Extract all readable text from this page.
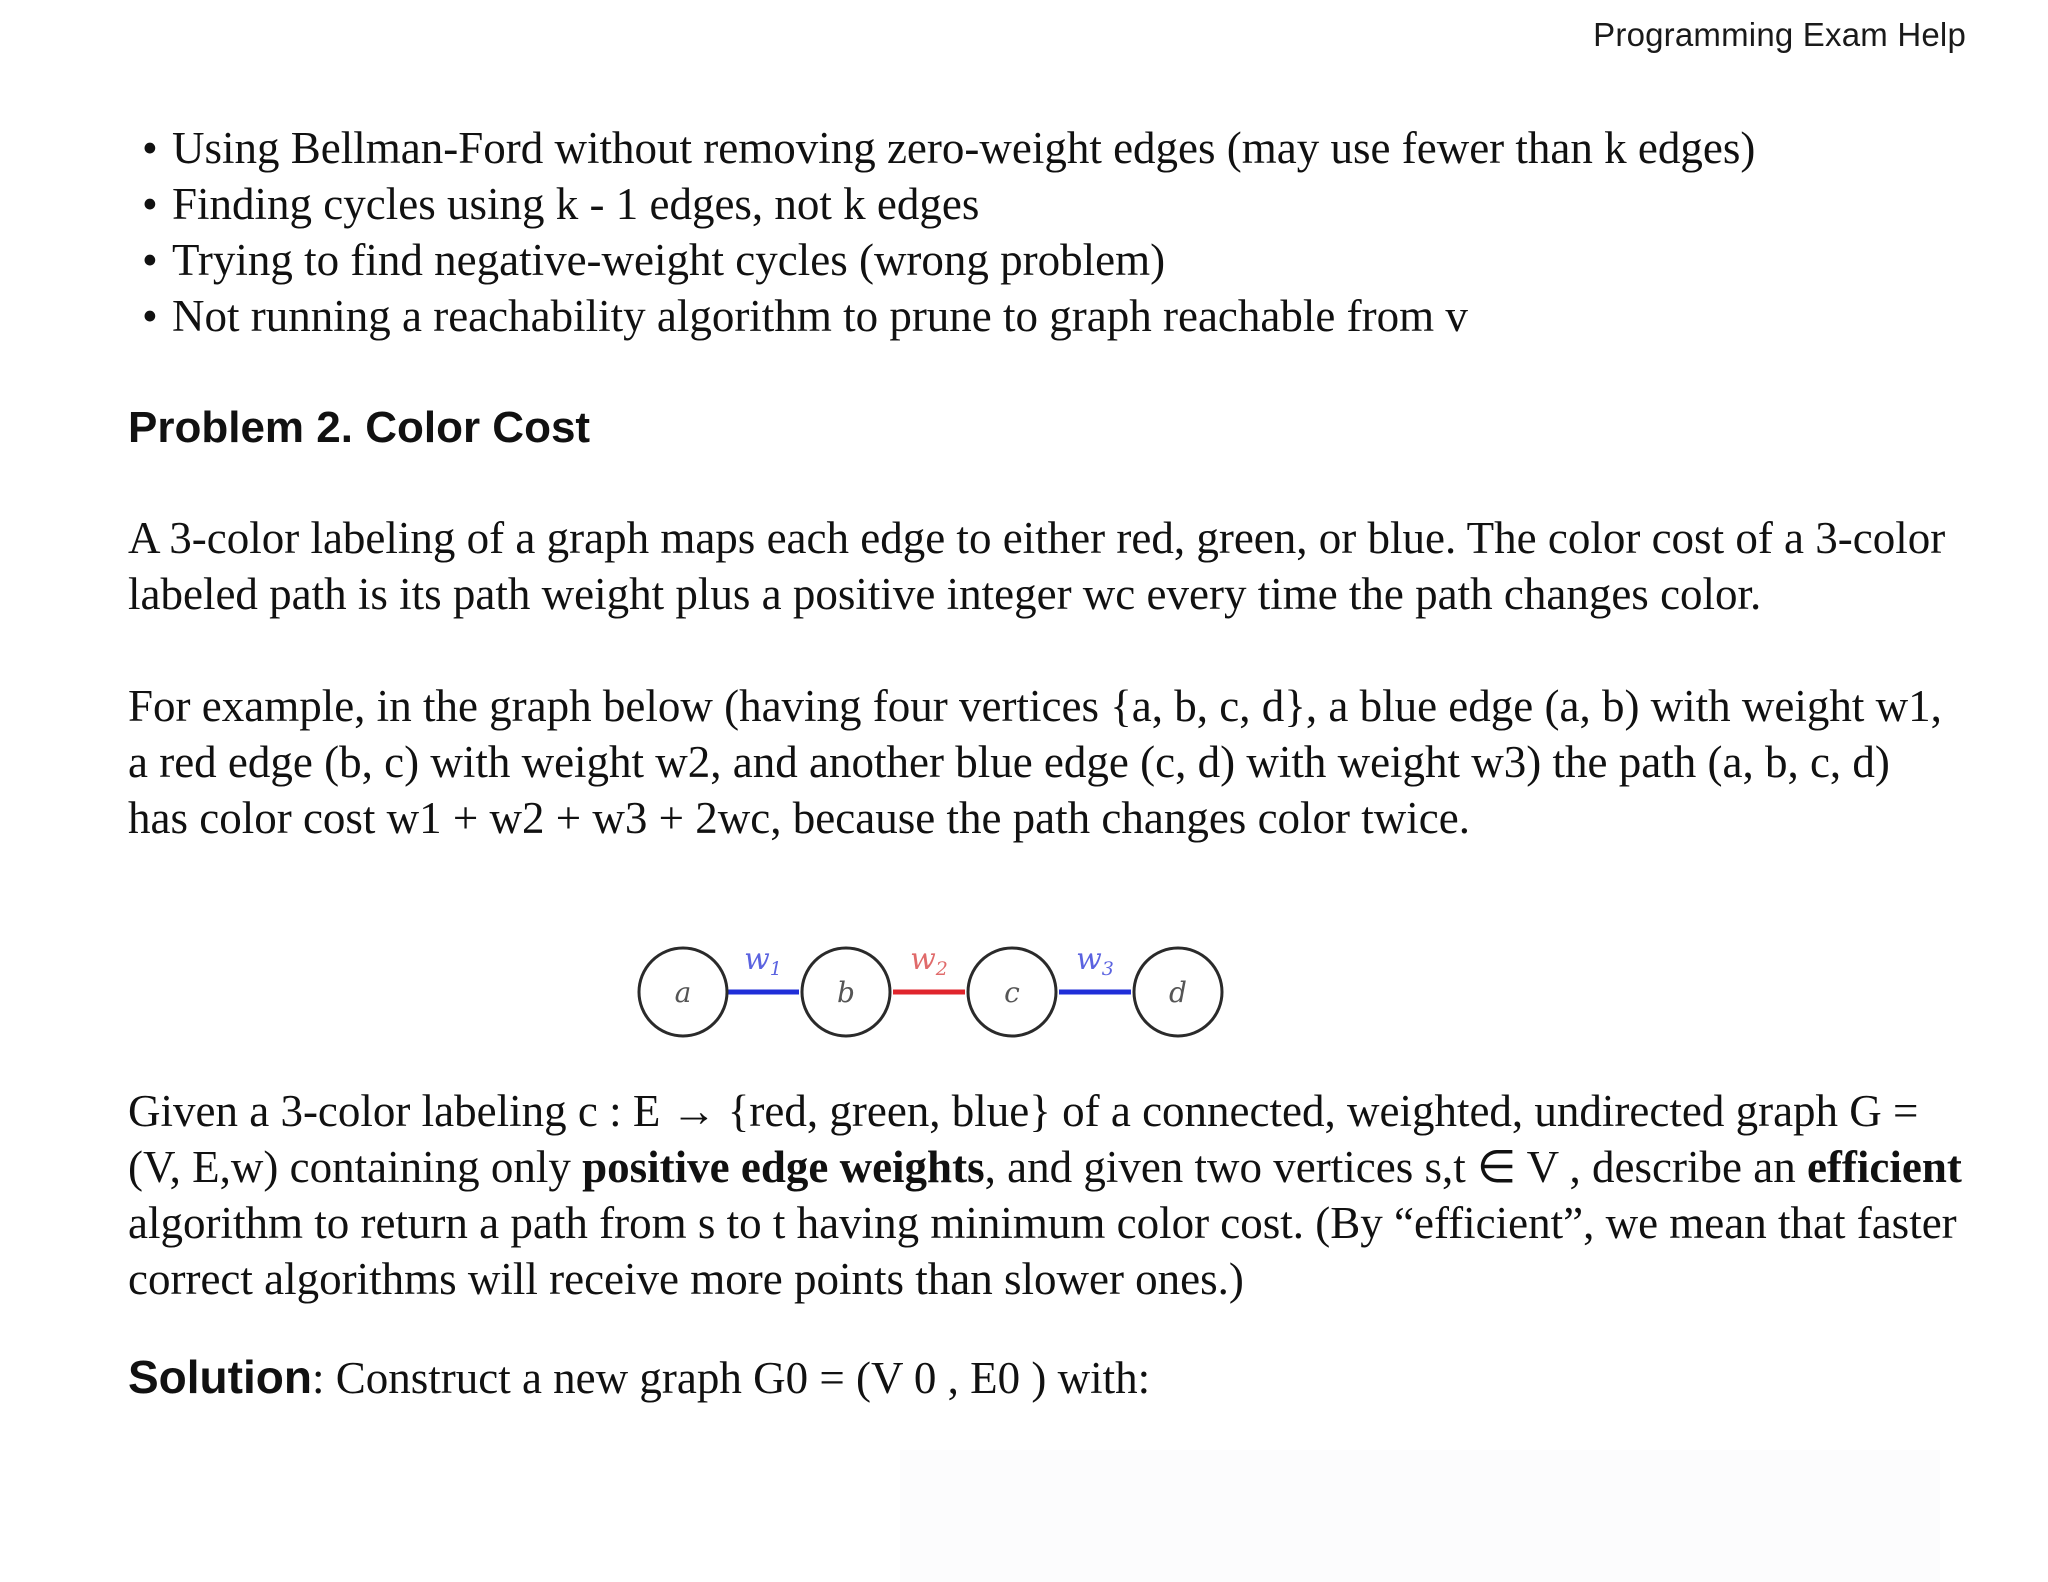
Programming Exam Help
• Using Bellman-Ford without removing zero-weight edges (may use fewer than k edges)
• Finding cycles using k - 1 edges, not k edges
• Trying to find negative-weight cycles (wrong problem)
• Not running a reachability algorithm to prune to graph reachable from v
Problem 2. Color Cost

A 3-color labeling of a graph maps each edge to either red, green, or blue. The color cost of a 3-color labeled path is its path weight plus a positive integer wc every time the path changes color.

For example, in the graph below (having four vertices {a, b, c, d}, a blue edge (a, b) with weight w1, a red edge (b, c) with weight w2, and another blue edge (c, d) with weight w3) the path (a, b, c, d) has color cost w1 + w2 + w3 + 2wc, because the path changes color twice.

$w_1$	$w_2$	$w_3$
a	b	c	d

Given a 3-color labeling c : E → {red, green, blue} of a connected, weighted, undirected graph G = (V, E,w) containing only positive edge weights, and given two vertices s,t ∈ V , describe an efficient algorithm to return a path from s to t having minimum color cost. (By “efficient”, we mean that faster correct algorithms will receive more points than slower ones.)

Solution: Construct a new graph G0 = (V 0 , E0 ) with:
